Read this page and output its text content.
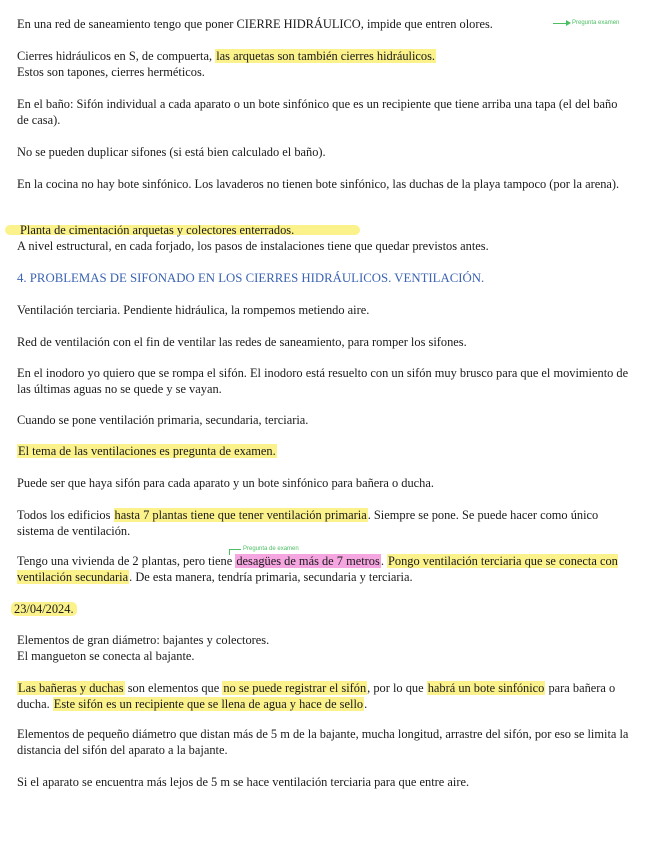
En una red de saneamiento tengo que poner CIERRE HIDRÁULICO, impide que entren olores.	Pregunta examen

Cierres hidráulicos en S, de compuerta, las arquetas son también cierres hidráulicos.
Estos son tapones, cierres herméticos.

En el baño: Sifón individual a cada aparato o un bote sinfónico que es un recipiente que tiene arriba una tapa (el del baño de casa).

No se pueden duplicar sifones (si está bien calculado el baño).

En la cocina no hay bote sinfónico. Los lavaderos no tienen bote sinfónico, las duchas de la playa tampoco (por la arena).

Planta de cimentación arquetas y colectores enterrados.
A nivel estructural, en cada forjado, los pasos de instalaciones tiene que quedar previstos antes.

4. PROBLEMAS DE SIFONADO EN LOS CIERRES HIDRÁULICOS. VENTILACIÓN.

Ventilación terciaria. Pendiente hidráulica, la rompemos metiendo aire.

Red de ventilación con el fin de ventilar las redes de saneamiento, para romper los sifones.

En el inodoro yo quiero que se rompa el sifón. El inodoro está resuelto con un sifón muy brusco para que el movimiento de las últimas aguas no se quede y se vayan.

Cuando se pone ventilación primaria, secundaria, terciaria.

El tema de las ventilaciones es pregunta de examen.

Puede ser que haya sifón para cada aparato y un bote sinfónico para bañera o ducha.

Todos los edificios hasta 7 plantas tiene que tener ventilación primaria. Siempre se pone. Se puede hacer como único sistema de ventilación.

Pregunta de examen

Tengo una vivienda de 2 plantas, pero tiene desagües de más de 7 metros. Pongo ventilación terciaria que se conecta con ventilación secundaria. De esta manera, tendría primaria, secundaria y terciaria.

23/04/2024.

Elementos de gran diámetro: bajantes y colectores.
El mangueton se conecta al bajante.

Las bañeras y duchas son elementos que no se puede registrar el sifón, por lo que habrá un bote sinfónico para bañera o ducha. Este sifón es un recipiente que se llena de agua y hace de sello.

Elementos de pequeño diámetro que distan más de 5 m de la bajante, mucha longitud, arrastre del sifón, por eso se limita la distancia del sifón del aparato a la bajante.

Si el aparato se encuentra más lejos de 5 m se hace ventilación terciaria para que entre aire.
